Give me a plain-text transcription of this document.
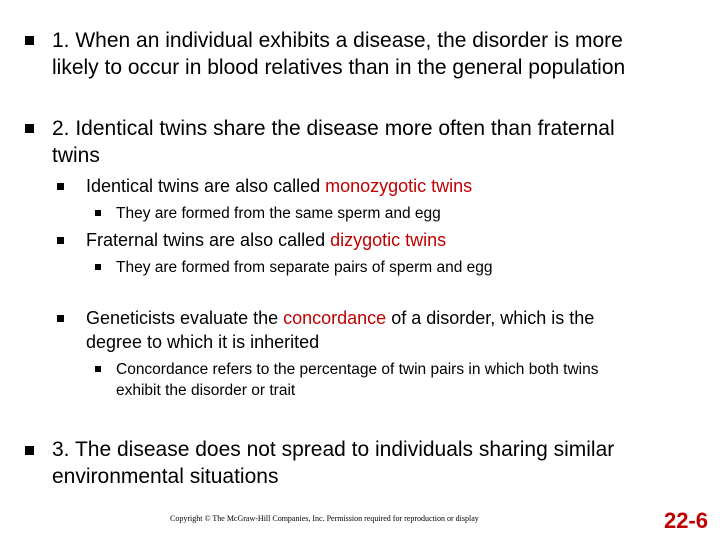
1. When an individual exhibits a disease, the disorder is more
likely to occur in blood relatives than in the general population
2. Identical twins share the disease more often than fraternal
twins
Identical twins are also called monozygotic twins
They are formed from the same sperm and egg
Fraternal twins are also called dizygotic twins
They are formed from separate pairs of sperm and egg
Geneticists evaluate the concordance of a disorder, which is the
degree to which it is inherited
Concordance refers to the percentage of twin pairs in which both twins
exhibit the disorder or trait
3. The disease does not spread to individuals sharing similar
environmental situations
Copyright © The McGraw-Hill Companies, Inc. Permission required for reproduction or display	22-6
